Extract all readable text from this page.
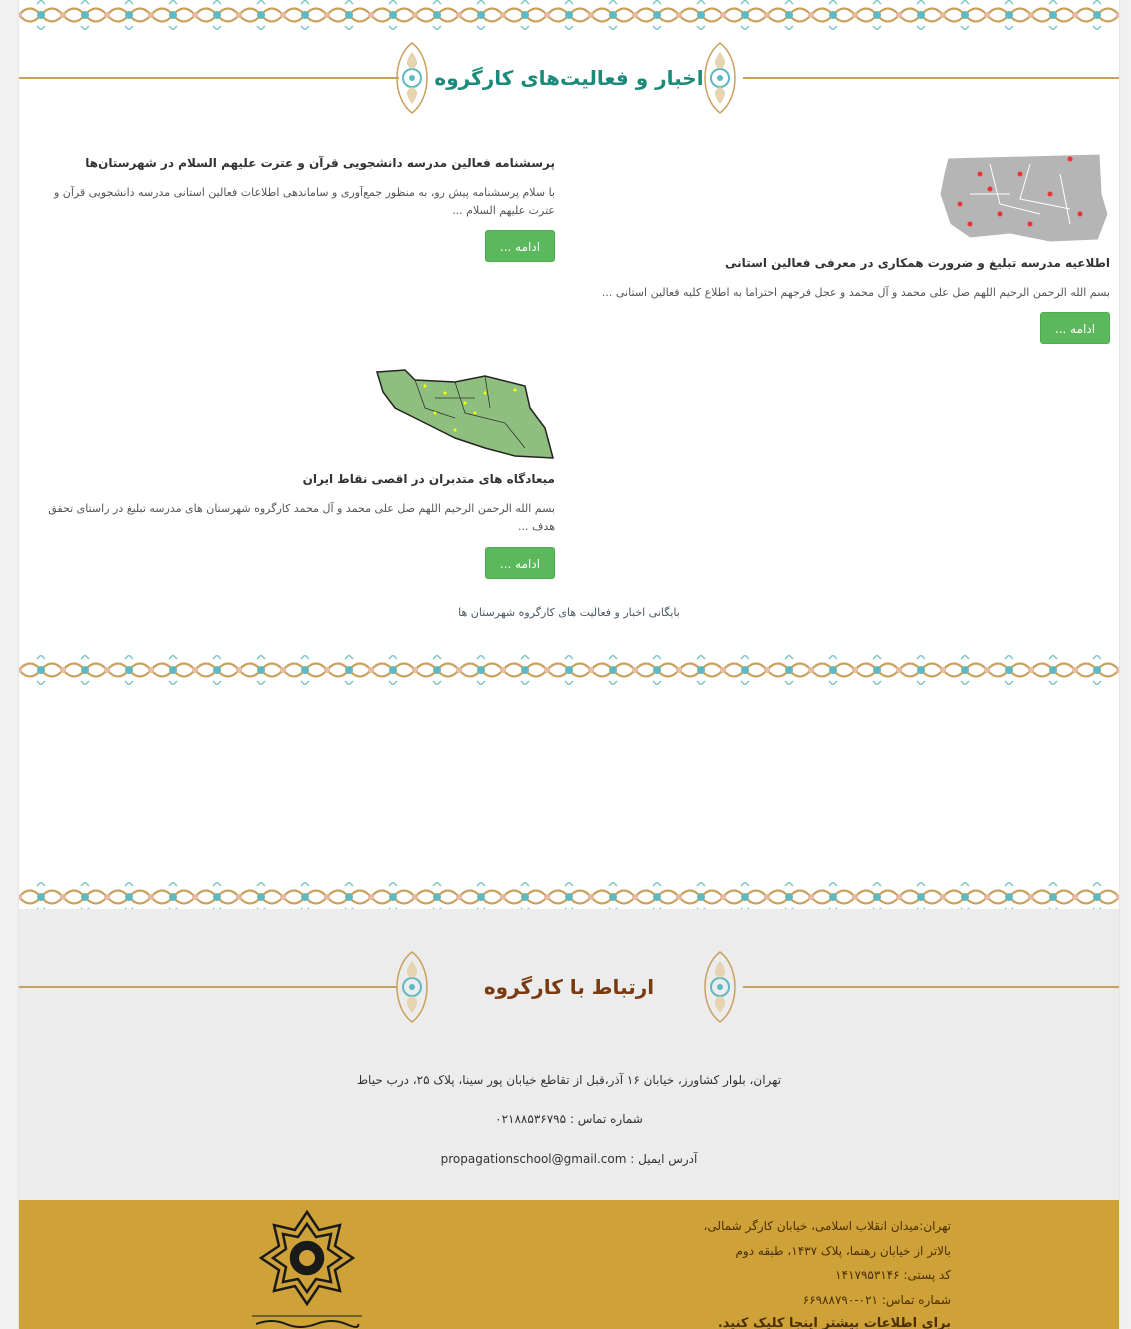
اخبار و فعالیت‌های کارگروه
اطلاعیه مدرسه تبلیغ و ضرورت همکاری در معرفی فعالین استانی
بسم الله الرحمن الرحیم اللهم صل علی محمد و آل محمد و عجل فرجهم احتراما به اطلاع کلیه فعالین استانی ...
ادامه ...
پرسشنامه فعالین مدرسه دانشجویی قرآن و عترت علیهم السلام در شهرستان‌ها
با سلام پرسشنامه پیش رو، به منظور جمع‌آوری و ساماندهی اطلاعات فعالین استانی مدرسه دانشجویی قرآن و عترت علیهم السلام ...
ادامه ...
میعادگاه های متدبران در اقصی نقاط ایران
بسم الله الرحمن الرحیم اللهم صل علی محمد و آل محمد کارگروه شهرستان های مدرسه تبلیغ در راستای تحقق هدف ...
ادامه ...
بایگانی اخبار و فعالیت های کارگروه شهرستان ها
ارتباط با کارگروه
تهران، بلوار کشاورز، خیابان ۱۶ آذر،قبل از تقاطع خیابان پور سینا، پلاک ۲۵، درب حیاط
شماره تماس : ۰۲۱۸۸۵۳۶۷۹۵
آدرس ایمیل : propagationschool@gmail.com
تهران:میدان انقلاب اسلامی، خیابان کارگر شمالی،
بالاتر از خیابان رهنما، پلاک ۱۴۳۷، طبقه دوم
کد پستی: ۱۴۱۷۹۵۳۱۴۶
شماره تماس: ۰۲۱-۶۶۹۸۸۷۹۰
برای اطلاعات بیشتر اینجا کلیک کنید.
